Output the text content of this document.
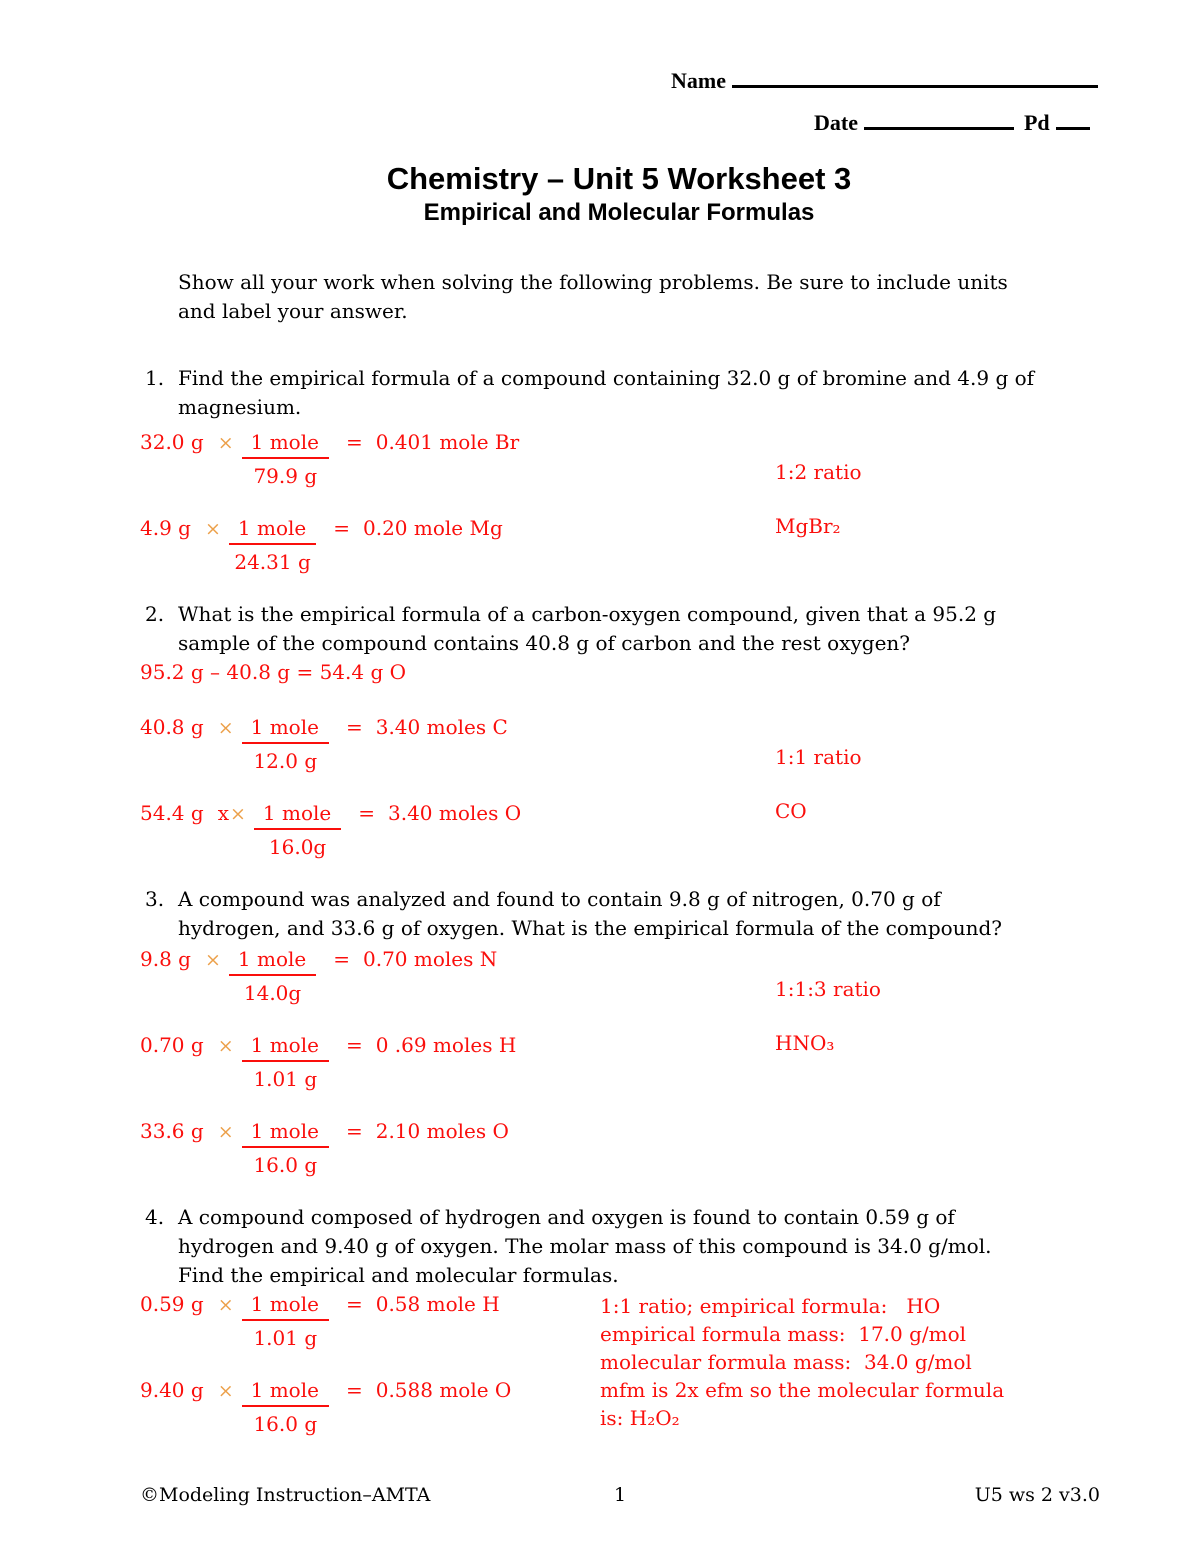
Name
Date	Pd
Chemistry – Unit 5 Worksheet 3
Empirical and Molecular Formulas
Show all your work when solving the following problems. Be sure to include units
and label your answer.
1. Find the empirical formula of a compound containing 32.0 g of bromine and 4.9 g of
magnesium.
32.0 $g \times \frac{\text{1 mole}}{79.9 g} = 0.401$ mole Br
1:2 ratio
4.9 $g \times \frac{\text{1 mole}}{24.31 g} = 0.20$ mole Mg	MgBr₂
2. What is the empirical formula of a carbon-oxygen compound, given that a 95.2 g
sample of the compound contains 40.8 g of carbon and the rest oxygen?
95.2 g – 40.8 g = 54.4 g O
40.8 $g \times \frac{\text{1 mole}}{12.0 g} = 3.40$ moles C
1:1 ratio
54.4 g $x \times \frac{\text{1 mole}}{16.0g} = 3.40$ moles O	CO
3. A compound was analyzed and found to contain 9.8 g of nitrogen, 0.70 g of
hydrogen, and 33.6 g of oxygen. What is the empirical formula of the compound?
9.8 $g \times \frac{\text{1 mole}}{14.0g} = 0.70$ moles N
1:1:3 ratio
0.70 $g \times \frac{\text{1 mole}}{1.01 g} = 0$ .69 moles H	HNO₃
33.6 $g \times \frac{\text{1 mole}}{16.0 g} = 2.10$ moles O
4. A compound composed of hydrogen and oxygen is found to contain 0.59 g of
hydrogen and 9.40 g of oxygen. The molar mass of this compound is 34.0 g/mol.
Find the empirical and molecular formulas.
0.59 $g \times \frac{\text{1 mole}}{1.01 g} = 0.58$ mole H
9.40 $g \times \frac{\text{1 mole}}{16.0 g} = 0.588$ mole O
1:1 ratio; empirical formula:   HO
empirical formula mass:  17.0 g/mol
molecular formula mass:  34.0 g/mol
mfm is 2x efm so the molecular formula
is: H₂O₂
©Modeling Instruction–AMTA	1	U5 ws 2 v3.0
